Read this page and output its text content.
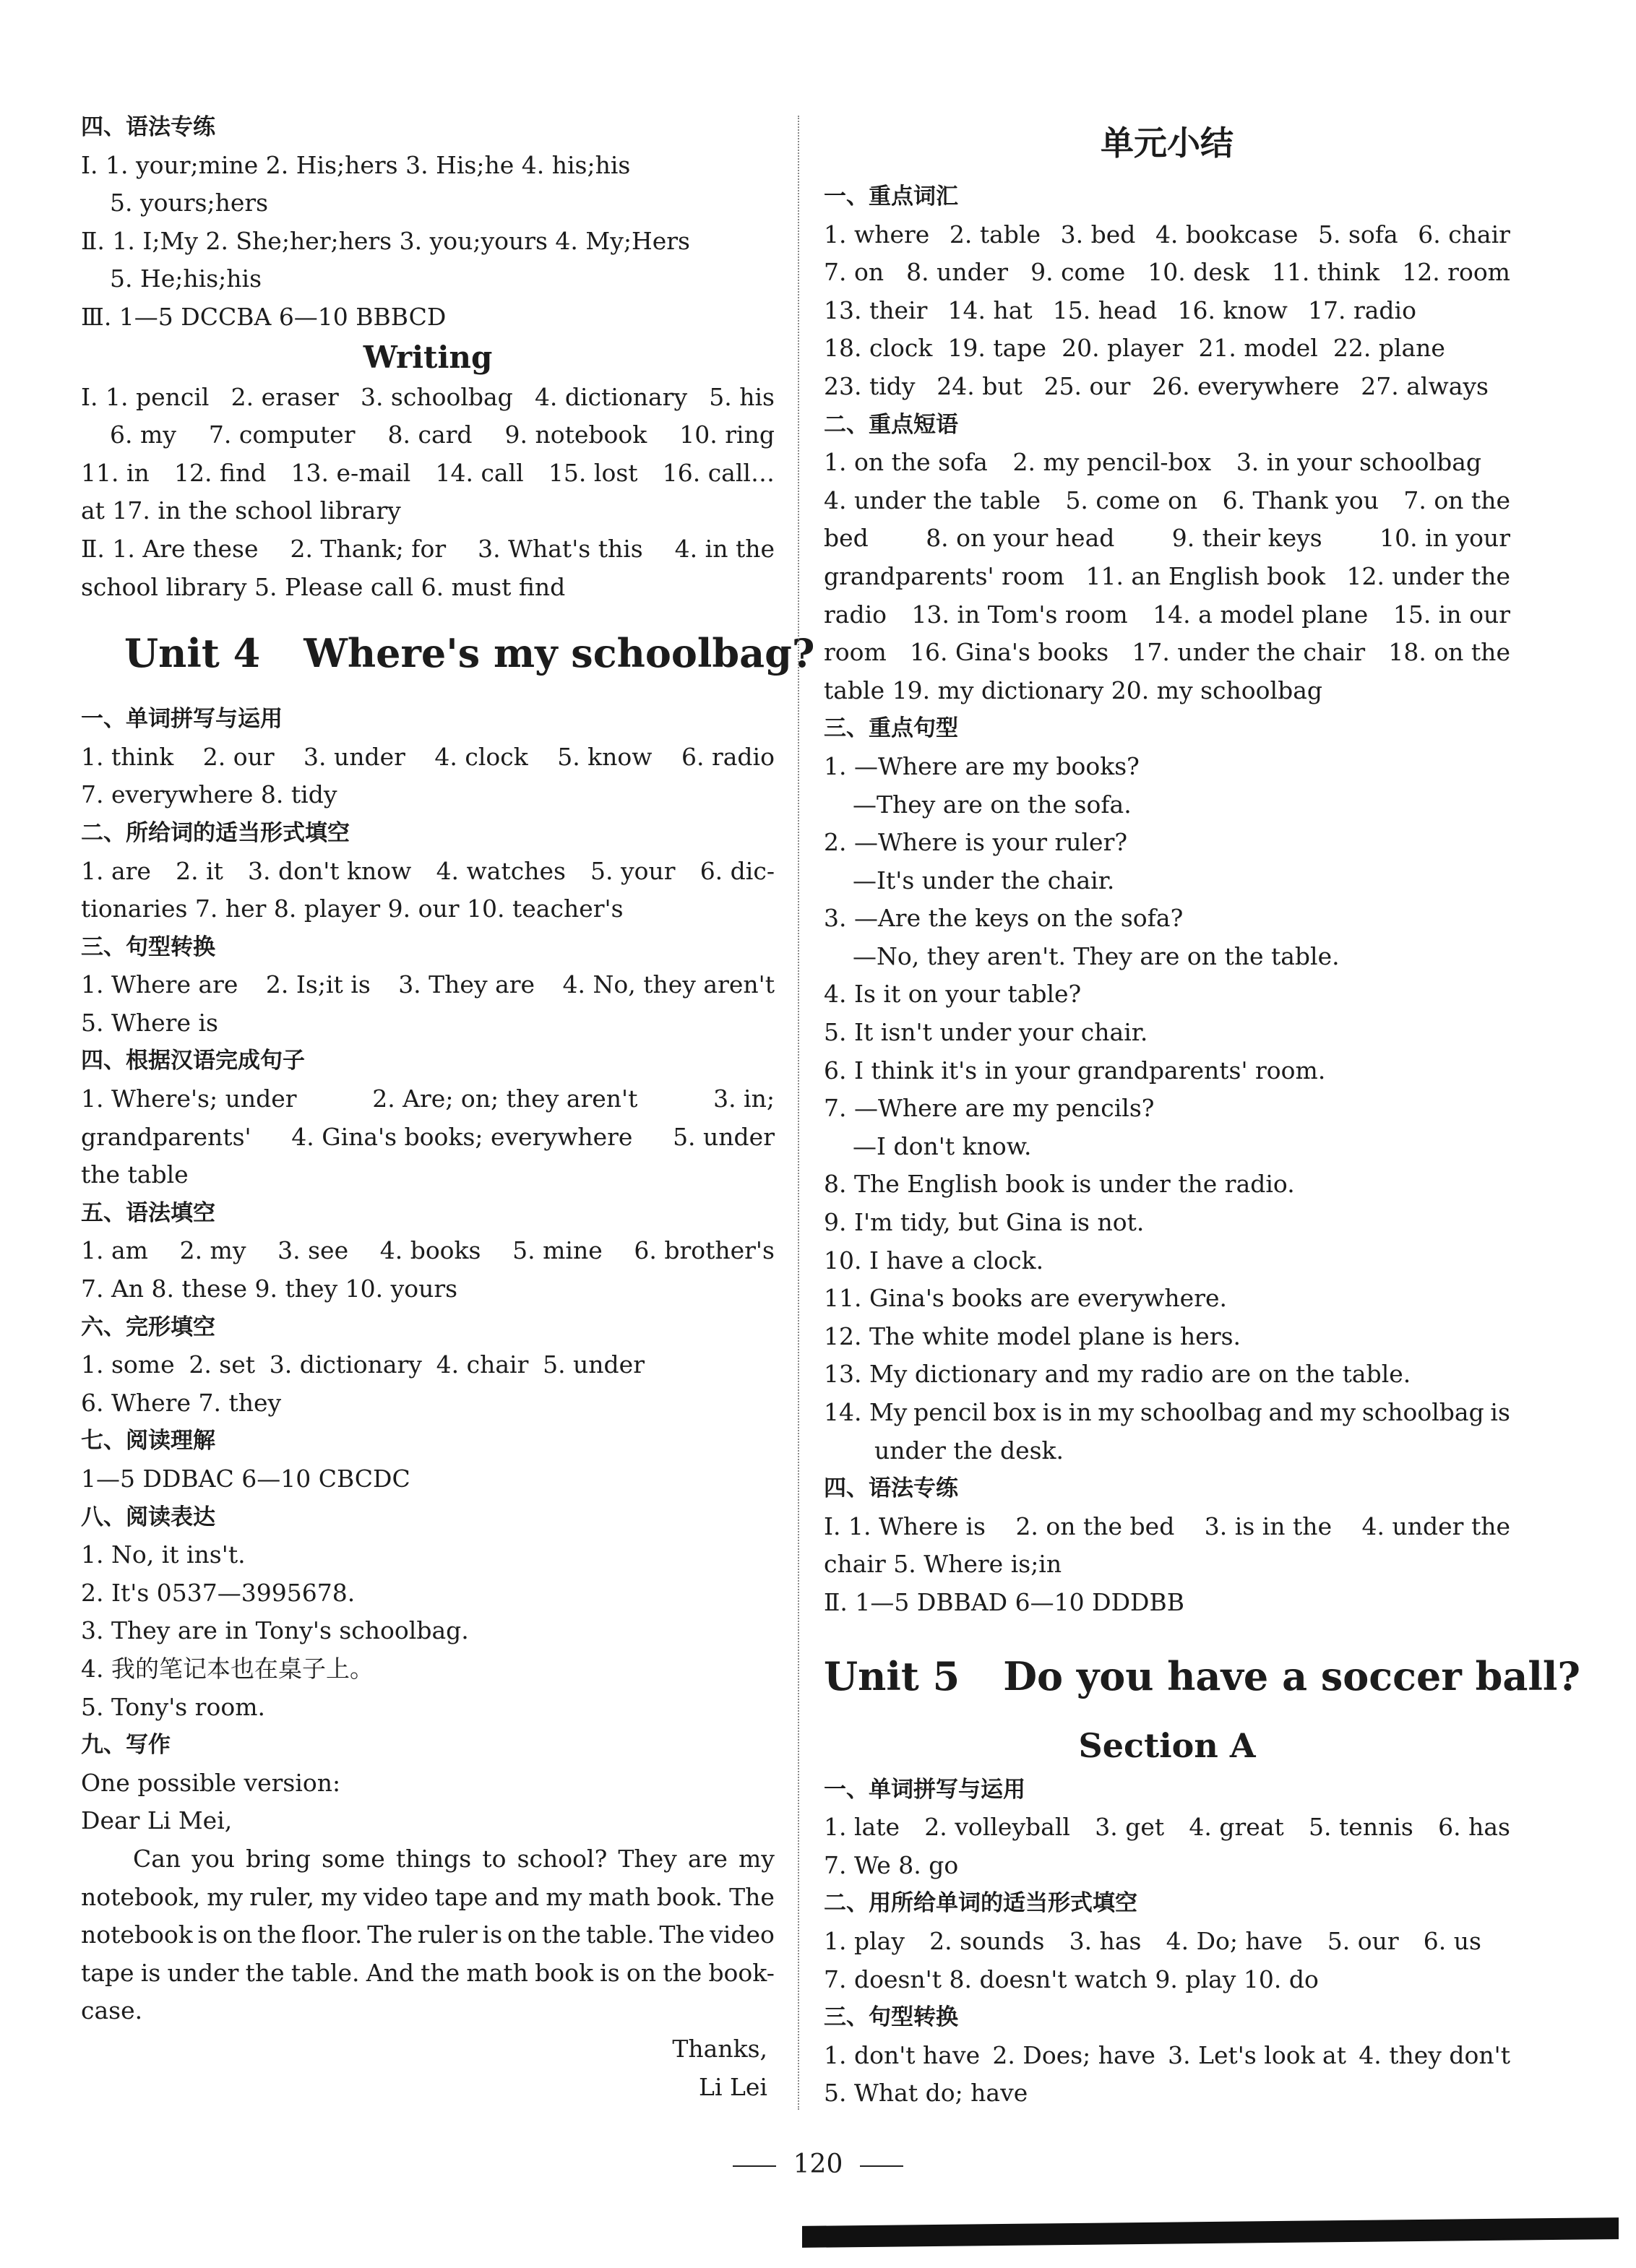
四、语法专练
Ⅰ. 1. your;mine 2. His;hers 3. His;he 4. his;his
5. yours;hers
Ⅱ. 1. I;My 2. She;her;hers 3. you;yours 4. My;Hers
5. He;his;his
Ⅲ. 1—5 DCCBA 6—10 BBBCD
Writing
Ⅰ. 1. pencil 2. eraser 3. schoolbag 4. dictionary 5. his
6. my 7. computer 8. card 9. notebook 10. ring
11. in 12. find 13. e-mail 14. call 15. lost 16. call…
at 17. in the school library
Ⅱ. 1. Are these 2. Thank; for 3. What's this 4. in the
school library 5. Please call 6. must find
Unit 4 Where's my schoolbag?
一、单词拼写与运用
1. think 2. our 3. under 4. clock 5. know 6. radio
7. everywhere 8. tidy
二、所给词的适当形式填空
1. are 2. it 3. don't know 4. watches 5. your 6. dic-
tionaries 7. her 8. player 9. our 10. teacher's
三、句型转换
1. Where are 2. Is;it is 3. They are 4. No, they aren't
5. Where is
四、根据汉语完成句子
1. Where's; under	2. Are; on; they aren't	3. in;
grandparents' 4. Gina's books; everywhere 5. under
the table
五、语法填空
1. am 2. my 3. see 4. books 5. mine 6. brother's
7. An 8. these 9. they 10. yours
六、完形填空
1. some 2. set 3. dictionary 4. chair 5. under
6. Where 7. they
七、阅读理解
1—5 DDBAC 6—10 CBCDC
八、阅读表达
1. No, it ins't.
2. It's 0537—3995678.
3. They are in Tony's schoolbag.
4. 我的笔记本也在桌子上。
5. Tony's room.
九、写作
One possible version:
Dear Li Mei,
Can you bring some things to school? They are my
notebook, my ruler, my video tape and my math book. The
notebook is on the floor. The ruler is on the table. The video
tape is under the table. And the math book is on the book-
case.
Thanks,
Li Lei
单元小结
一、重点词汇
1. where 2. table 3. bed 4. bookcase 5. sofa 6. chair
7. on 8. under 9. come 10. desk 11. think 12. room
13. their 14. hat 15. head 16. know 17. radio
18. clock 19. tape 20. player 21. model 22. plane
23. tidy 24. but 25. our 26. everywhere 27. always
二、重点短语
1. on the sofa 2. my pencil-box 3. in your schoolbag
4. under the table 5. come on 6. Thank you 7. on the
bed 8. on your head 9. their keys 10. in your
grandparents' room 11. an English book 12. under the
radio 13. in Tom's room 14. a model plane 15. in our
room 16. Gina's books 17. under the chair 18. on the
table 19. my dictionary 20. my schoolbag
三、重点句型
1. —Where are my books?
—They are on the sofa.
2. —Where is your ruler?
—It's under the chair.
3. —Are the keys on the sofa?
—No, they aren't. They are on the table.
4. Is it on your table?
5. It isn't under your chair.
6. I think it's in your grandparents' room.
7. —Where are my pencils?
—I don't know.
8. The English book is under the radio.
9. I'm tidy, but Gina is not.
10. I have a clock.
11. Gina's books are everywhere.
12. The white model plane is hers.
13. My dictionary and my radio are on the table.
14. My pencil box is in my schoolbag and my schoolbag is
under the desk.
四、语法专练
Ⅰ. 1. Where is 2. on the bed 3. is in the 4. under the
chair 5. Where is;in
Ⅱ. 1—5 DBBAD 6—10 DDDBB
Unit 5 Do you have a soccer ball?
Section A
一、单词拼写与运用
1. late 2. volleyball 3. get 4. great 5. tennis 6. has
7. We 8. go
二、用所给单词的适当形式填空
1. play 2. sounds 3. has 4. Do; have 5. our 6. us
7. doesn't 8. doesn't watch 9. play 10. do
三、句型转换
1. don't have 2. Does; have 3. Let's look at 4. they don't
5. What do; have
120
